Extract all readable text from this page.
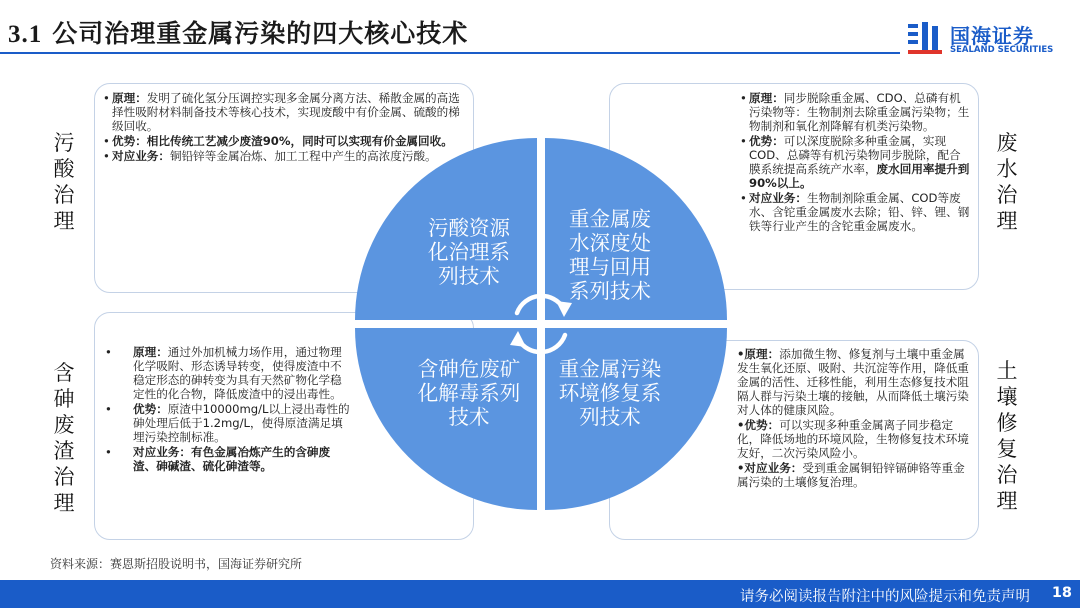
3.1 公司治理重金属污染的四大核心技术	国海证券
SEALAND SECURITIES
• 原理：发明了硫化氢分压调控实现多金属分离方法、稀散金属的高选择性吸附材料制备技术等核心技术，实现废酸中有价金属、硫酸的梯级回收。
• 优势：相比传统工艺减少废渣90%，同时可以实现有价金属回收。
• 对应业务：铜铅锌等金属冶炼、加工工程中产生的高浓度污酸。
• 原理：同步脱除重金属、CDO、总磷有机污染物等：生物制剂去除重金属污染物；生物制剂和氧化剂降解有机类污染物。
• 优势：可以深度脱除多种重金属，实现COD、总磷等有机污染物同步脱除，配合膜系统提高系统产水率，废水回用率提升到90%以上。
• 对应业务：生物制剂除重金属、COD等废水、含铊重金属废水去除；铅、锌、锂、钢铁等行业产生的含铊重金属废水。
• 原理：通过外加机械力场作用，通过物理化学吸附、形态诱导转变，使得废渣中不稳定形态的砷转变为具有天然矿物化学稳定性的化合物，降低废渣中的浸出毒性。
• 优势：原渣中10000mg/L以上浸出毒性的砷处理后低于1.2mg/L，使得原渣满足填埋污染控制标准。
• 对应业务：有色金属冶炼产生的含砷废渣、砷碱渣、硫化砷渣等。
•原理：添加微生物、修复剂与土壤中重金属发生氧化还原、吸附、共沉淀等作用，降低重金属的活性、迁移性能，利用生态修复技术阻隔人群与污染土壤的接触，从而降低土壤污染对人体的健康风险。
•优势：可以实现多种重金属离子同步稳定化，降低场地的环境风险，生物修复技术环境友好，二次污染风险小。
•对应业务：受到重金属铜铅锌镉砷铬等重金属污染的土壤修复治理。
污
酸
治
理
废
水
治
理
含
砷
废
渣
治
理
土
壤
修
复
治
理
污酸资源
化治理系
列技术
重金属废
水深度处
理与回用
系列技术
含砷危废矿
化解毒系列
技术
重金属污染
环境修复系
列技术
资料来源：赛恩斯招股说明书，国海证券研究所
请务必阅读报告附注中的风险提示和免责声明 18
